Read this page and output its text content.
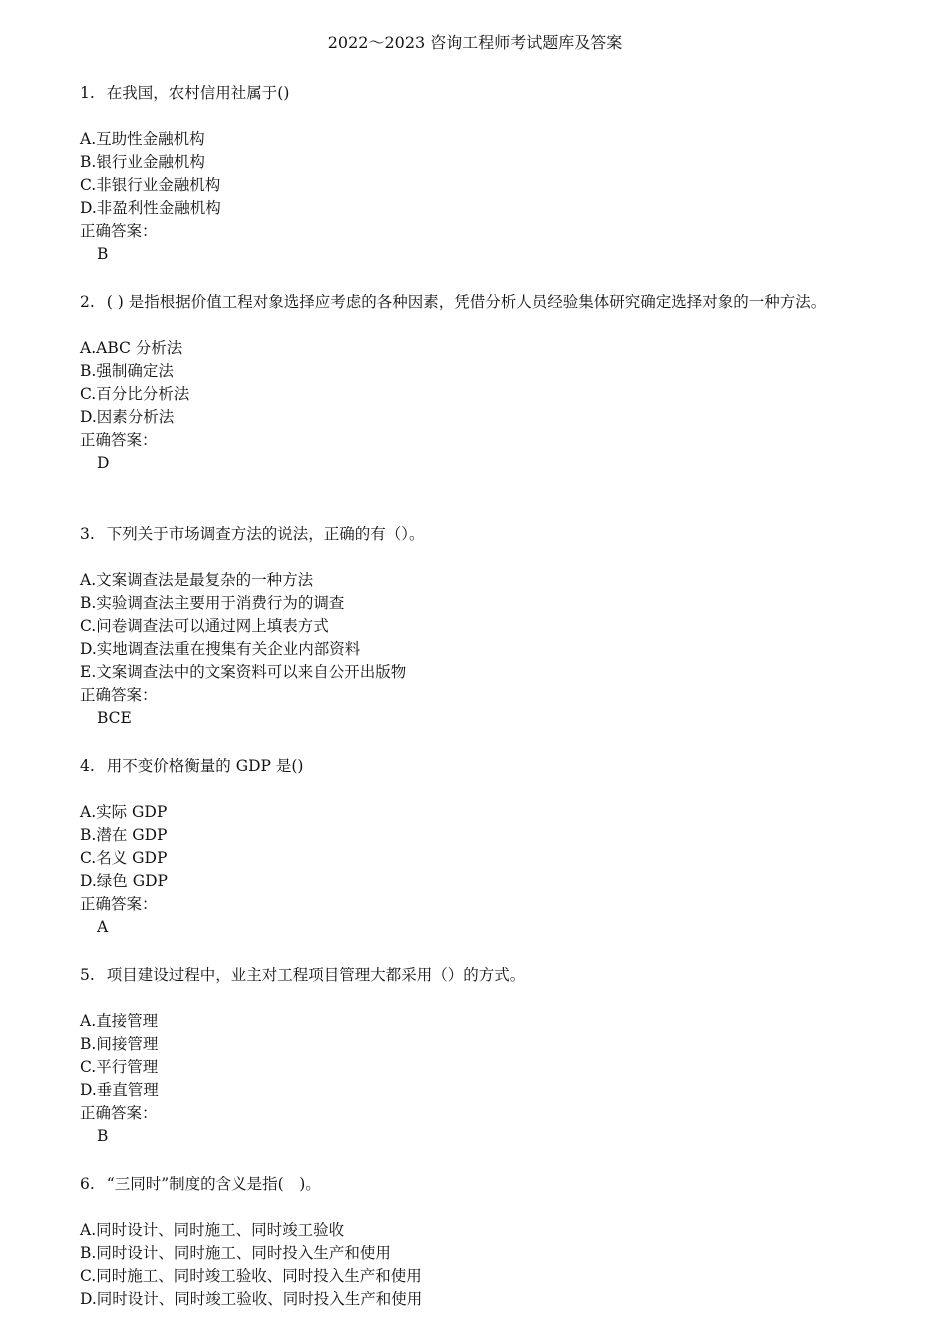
2022～2023 咨询工程师考试题库及答案
1. 在我国，农村信用社属于()
A.互助性金融机构
B.银行业金融机构
C.非银行业金融机构
D.非盈利性金融机构
正确答案：
B
2. ( ) 是指根据价值工程对象选择应考虑的各种因素，凭借分析人员经验集体研究确定选择对象的一种方法。
A.ABC 分析法
B.强制确定法
C.百分比分析法
D.因素分析法
正确答案：
D
3. 下列关于市场调查方法的说法，正确的有（）。
A.文案调查法是最复杂的一种方法
B.实验调查法主要用于消费行为的调查
C.问卷调查法可以通过网上填表方式
D.实地调查法重在搜集有关企业内部资料
E.文案调查法中的文案资料可以来自公开出版物
正确答案：
BCE
4. 用不变价格衡量的 GDP 是()
A.实际 GDP
B.潜在 GDP
C.名义 GDP
D.绿色 GDP
正确答案：
A
5. 项目建设过程中，业主对工程项目管理大都采用（）的方式。
A.直接管理
B.间接管理
C.平行管理
D.垂直管理
正确答案：
B
6. “三同时”制度的含义是指(　)。
A.同时设计、同时施工、同时竣工验收
B.同时设计、同时施工、同时投入生产和使用
C.同时施工、同时竣工验收、同时投入生产和使用
D.同时设计、同时竣工验收、同时投入生产和使用
